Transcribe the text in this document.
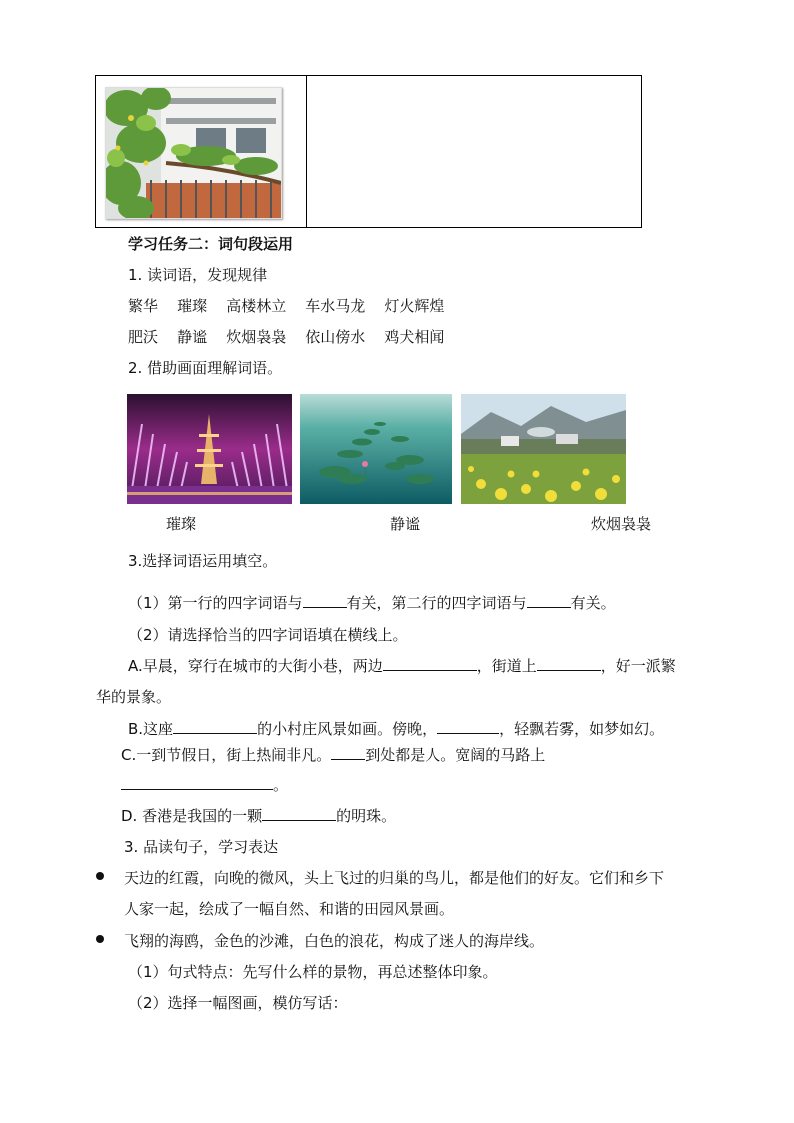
学习任务二：词句段运用
1. 读词语，发现规律
繁华 璀璨 高楼林立 车水马龙 灯火辉煌
肥沃 静谧 炊烟袅袅 依山傍水 鸡犬相闻
2. 借助画面理解词语。
璀璨	静谧	炊烟袅袅
3.选择词语运用填空。
（1）第一行的四字词语与	有关，第二行的四字词语与	有关。
（2）请选择恰当的四字词语填在横线上。
A.早晨，穿行在城市的大街小巷，两边	，街道上	，好一派繁
华的景象。
B.这座	的小村庄风景如画。傍晚，	，轻飘若雾，如梦如幻。
C.一到节假日，街上热闹非凡。 到处都是人。宽阔的马路上
。
D. 香港是我国的一颗	的明珠。
3. 品读句子，学习表达
天边的红霞，向晚的微风，头上飞过的归巢的鸟儿，都是他们的好友。它们和乡下
人家一起，绘成了一幅自然、和谐的田园风景画。
飞翔的海鸥，金色的沙滩，白色的浪花，构成了迷人的海岸线。
（1）句式特点：先写什么样的景物，再总述整体印象。
（2）选择一幅图画，模仿写话：
